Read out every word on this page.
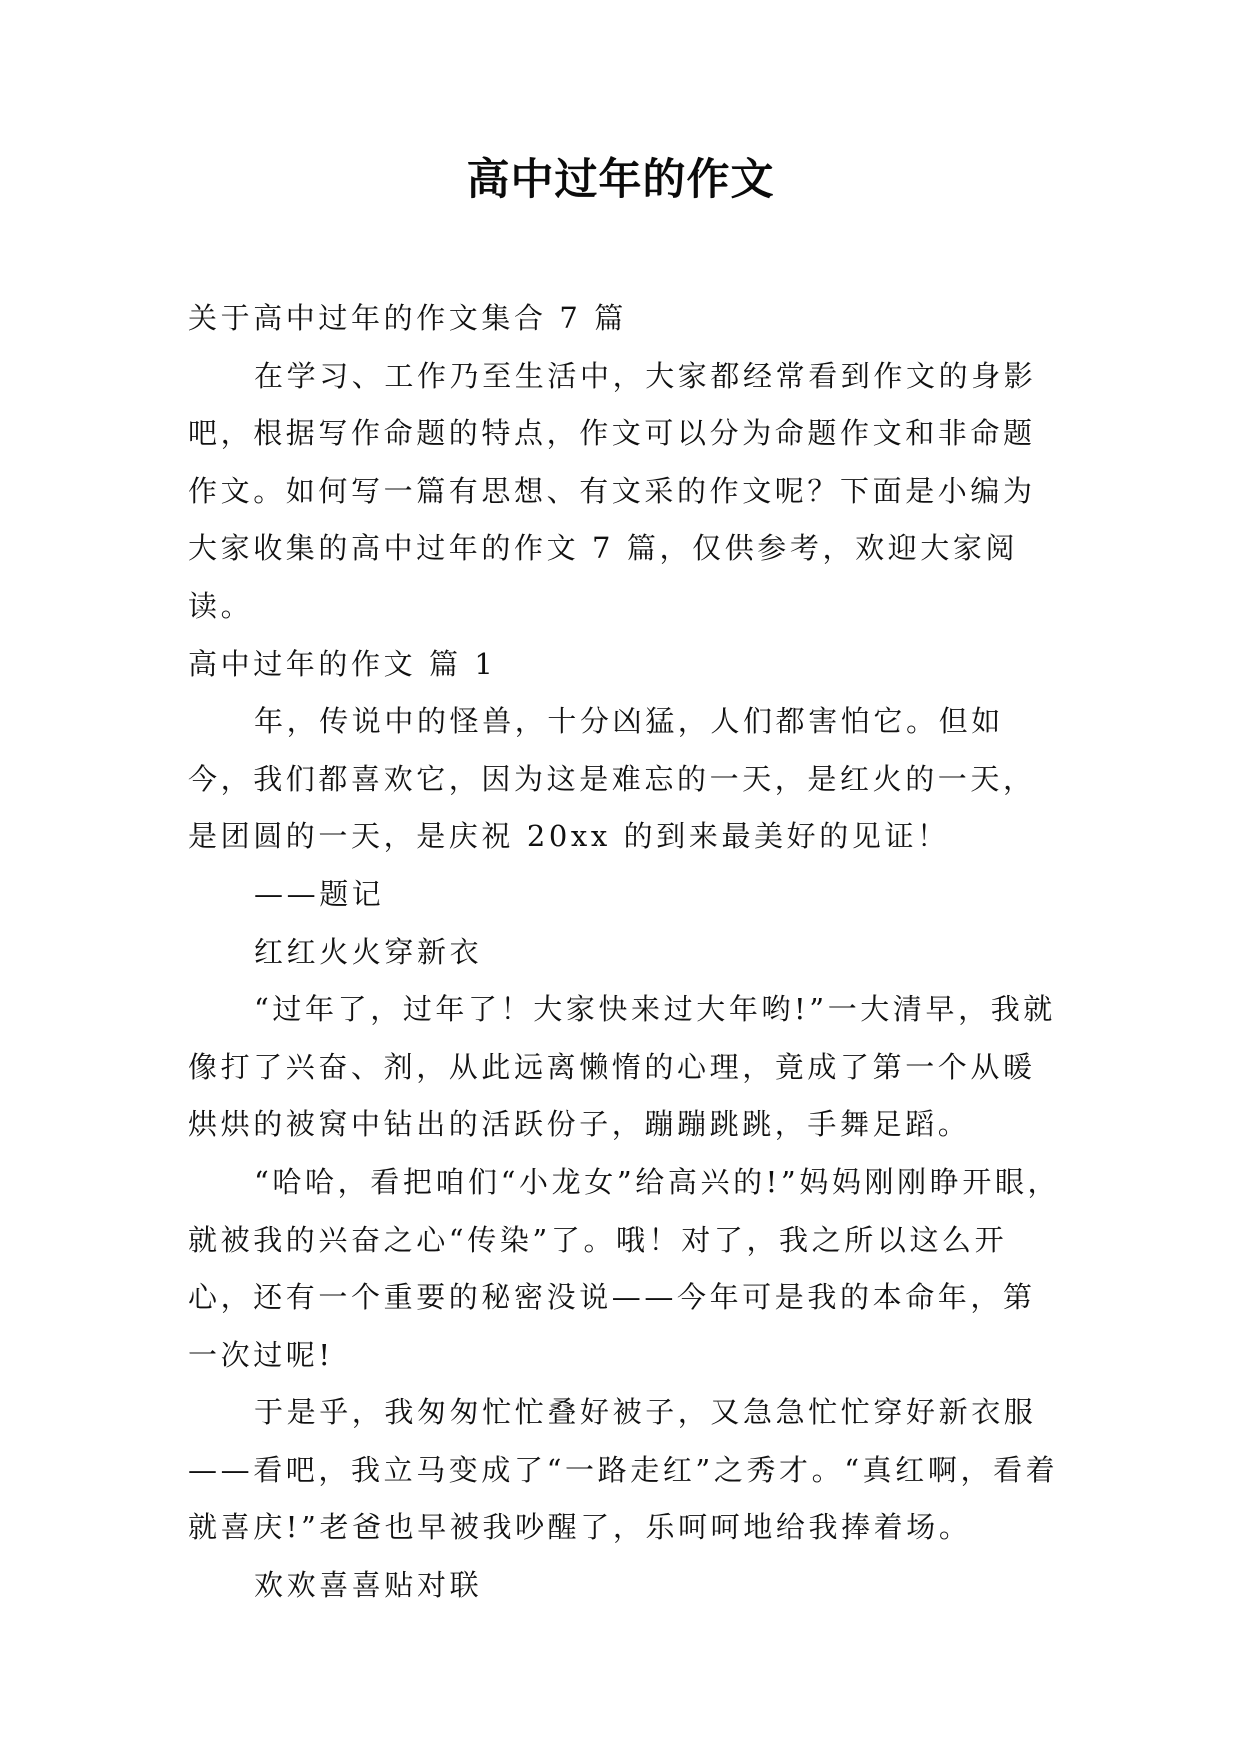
高中过年的作文

关于高中过年的作文集合 7 篇

在学习、工作乃至生活中，大家都经常看到作文的身影吧，根据写作命题的特点，作文可以分为命题作文和非命题作文。如何写一篇有思想、有文采的作文呢？下面是小编为大家收集的高中过年的作文 7 篇，仅供参考，欢迎大家阅读。

高中过年的作文 篇 1

年，传说中的怪兽，十分凶猛，人们都害怕它。但如今，我们都喜欢它，因为这是难忘的一天，是红火的一天，是团圆的一天，是庆祝 20xx 的到来最美好的见证！

——题记

红红火火穿新衣

“过年了，过年了！大家快来过大年哟!”一大清早，我就像打了兴奋、剂，从此远离懒惰的心理，竟成了第一个从暖烘烘的被窝中钻出的活跃份子，蹦蹦跳跳，手舞足蹈。

“哈哈，看把咱们“小龙女”给高兴的!”妈妈刚刚睁开眼，就被我的兴奋之心“传染”了。哦！对了，我之所以这么开心，还有一个重要的秘密没说——今年可是我的本命年，第一次过呢!

于是乎，我匆匆忙忙叠好被子，又急急忙忙穿好新衣服——看吧，我立马变成了“一路走红”之秀才。“真红啊，看着就喜庆!”老爸也早被我吵醒了，乐呵呵地给我捧着场。

欢欢喜喜贴对联
